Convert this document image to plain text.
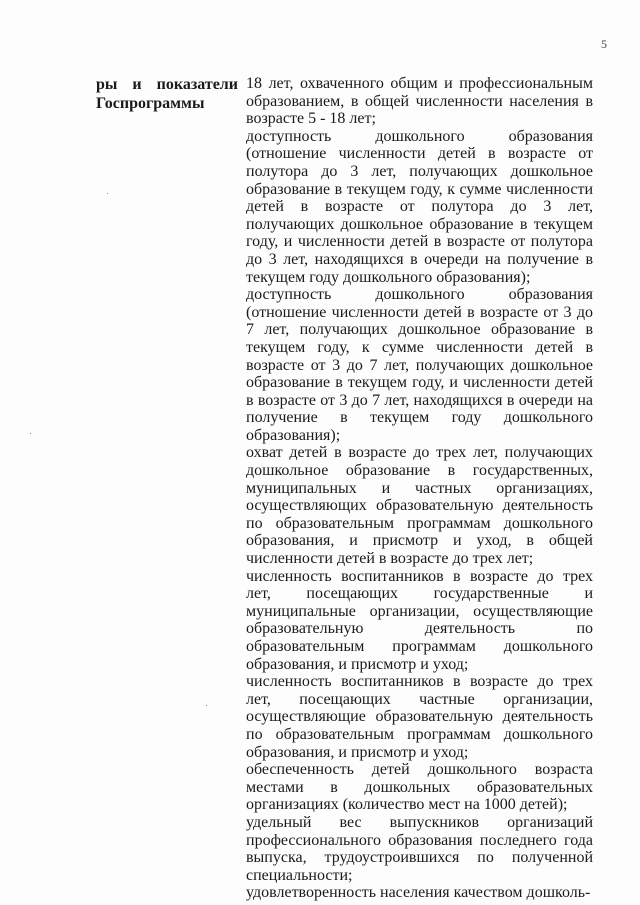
5
ры и показатели
Госпрограммы

18 лет, охваченного общим и профессиональным образованием, в общей численности населения в возрасте 5 - 18 лет;

доступность дошкольного образования (отношение численности детей в возрасте от полутора до 3 лет, получающих дошкольное образование в текущем году, к сумме численности детей в возрасте от полутора до 3 лет, получающих дошкольное образование в текущем году, и численности детей в возрасте от полутора до 3 лет, находящихся в очереди на получение в текущем году дошкольного образования);

доступность дошкольного образования (отношение численности детей в возрасте от 3 до 7 лет, получающих дошкольное образование в текущем году, к сумме численности детей в возрасте от 3 до 7 лет, получающих дошкольное образование в текущем году, и численности детей в возрасте от 3 до 7 лет, находящихся в очереди на получение в текущем году дошкольного образования);

охват детей в возрасте до трех лет, получающих дошкольное образование в государственных, муниципальных и частных организациях, осуществляющих образовательную деятельность по образовательным программам дошкольного образования, и присмотр и уход, в общей численности детей в возрасте до трех лет;

численность воспитанников в возрасте до трех лет, посещающих государственные и муниципальные организации, осуществляющие образовательную деятельность по образовательным программам дошкольного образования, и присмотр и уход;

численность воспитанников в возрасте до трех лет, посещающих частные организации, осуществляющие образовательную деятельность по образовательным программам дошкольного образования, и присмотр и уход;

обеспеченность детей дошкольного возраста местами в дошкольных образовательных организациях (количество мест на 1000 детей);

удельный вес выпускников организаций профессионального образования последнего года выпуска, трудоустроившихся по полученной специальности;

удовлетворенность населения качеством дошколь-
